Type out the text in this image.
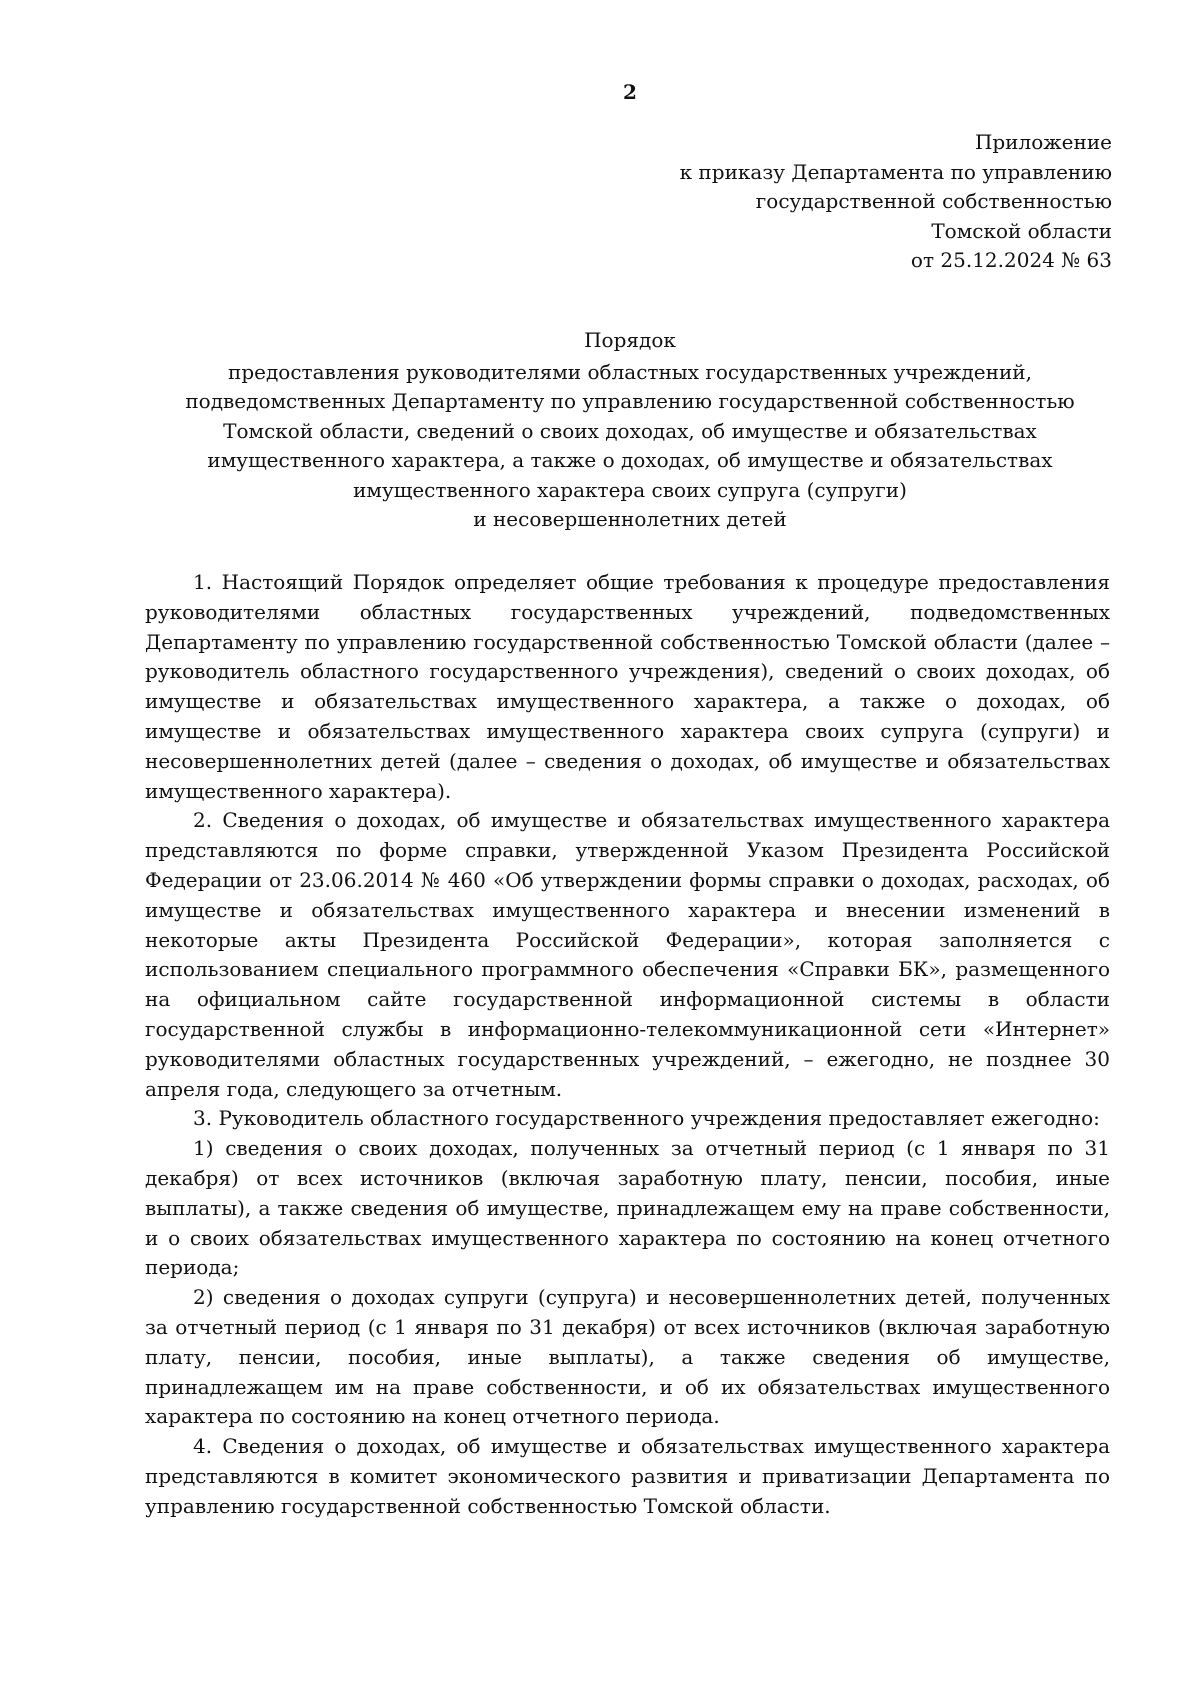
2
Приложение
к приказу Департамента по управлению
государственной собственностью
Томской области
от 25.12.2024 № 63
Порядок
предоставления руководителями областных государственных учреждений,
подведомственных Департаменту по управлению государственной собственностью
Томской области, сведений о своих доходах, об имуществе и обязательствах
имущественного характера, а также о доходах, об имуществе и обязательствах
имущественного характера своих супруга (супруги)
и несовершеннолетних детей

1. Настоящий Порядок определяет общие требования к процедуре предоставления руководителями областных государственных учреждений, подведомственных Департаменту по управлению государственной собственностью Томской области (далее – руководитель областного государственного учреждения), сведений о своих доходах, об имуществе и обязательствах имущественного характера, а также о доходах, об имуществе и обязательствах имущественного характера своих супруга (супруги) и несовершеннолетних детей (далее – сведения о доходах, об имуществе и обязательствах имущественного характера).

2. Сведения о доходах, об имуществе и обязательствах имущественного характера представляются по форме справки, утвержденной Указом Президента Российской Федерации от 23.06.2014 № 460 «Об утверждении формы справки о доходах, расходах, об имуществе и обязательствах имущественного характера и внесении изменений в некоторые акты Президента Российской Федерации», которая заполняется с использованием специального программного обеспечения «Справки БК», размещенного на официальном сайте государственной информационной системы в области государственной службы в информационно-телекоммуникационной сети «Интернет» руководителями областных государственных учреждений, – ежегодно, не позднее 30 апреля года, следующего за отчетным.

3. Руководитель областного государственного учреждения предоставляет ежегодно:

1) сведения о своих доходах, полученных за отчетный период (с 1 января по 31 декабря) от всех источников (включая заработную плату, пенсии, пособия, иные выплаты), а также сведения об имуществе, принадлежащем ему на праве собственности, и о своих обязательствах имущественного характера по состоянию на конец отчетного периода;

2) сведения о доходах супруги (супруга) и несовершеннолетних детей, полученных за отчетный период (с 1 января по 31 декабря) от всех источников (включая заработную плату, пенсии, пособия, иные выплаты), а также сведения об имуществе, принадлежащем им на праве собственности, и об их обязательствах имущественного характера по состоянию на конец отчетного периода.

4. Сведения о доходах, об имуществе и обязательствах имущественного характера представляются в комитет экономического развития и приватизации Департамента по управлению государственной собственностью Томской области.
